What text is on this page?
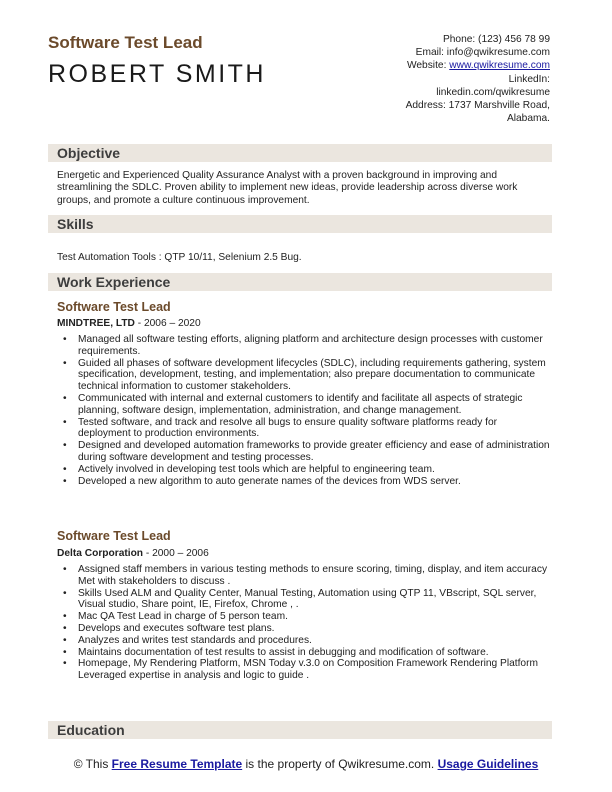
Software Test Lead
ROBERT SMITH
Phone: (123) 456 78 99
Email: info@qwikresume.com
Website: www.qwikresume.com
LinkedIn:
linkedin.com/qwikresume
Address: 1737 Marshville Road,
Alabama.
Objective
Energetic and Experienced Quality Assurance Analyst with a proven background in improving and streamlining the SDLC. Proven ability to implement new ideas, provide leadership across diverse work groups, and promote a culture continuous improvement.
Skills
Test Automation Tools : QTP 10/11, Selenium 2.5 Bug.
Work Experience
Software Test Lead
MINDTREE, LTD - 2006 – 2020
• Managed all software testing efforts, aligning platform and architecture design processes with customer requirements.
• Guided all phases of software development lifecycles (SDLC), including requirements gathering, system specification, development, testing, and implementation; also prepare documentation to communicate technical information to customer stakeholders.
• Communicated with internal and external customers to identify and facilitate all aspects of strategic planning, software design, implementation, administration, and change management.
• Tested software, and track and resolve all bugs to ensure quality software platforms ready for deployment to production environments.
• Designed and developed automation frameworks to provide greater efficiency and ease of administration during software development and testing processes.
• Actively involved in developing test tools which are helpful to engineering team.
• Developed a new algorithm to auto generate names of the devices from WDS server.
Software Test Lead
Delta Corporation - 2000 – 2006
• Assigned staff members in various testing methods to ensure scoring, timing, display, and item accuracy Met with stakeholders to discuss .
• Skills Used ALM and Quality Center, Manual Testing, Automation using QTP 11, VBscript, SQL server, Visual studio, Share point, IE, Firefox, Chrome , .
• Mac QA Test Lead in charge of 5 person team.
• Develops and executes software test plans.
• Analyzes and writes test standards and procedures.
• Maintains documentation of test results to assist in debugging and modification of software.
• Homepage, My Rendering Platform, MSN Today v.3.0 on Composition Framework Rendering Platform Leveraged expertise in analysis and logic to guide .
Education
© This Free Resume Template is the property of Qwikresume.com. Usage Guidelines
